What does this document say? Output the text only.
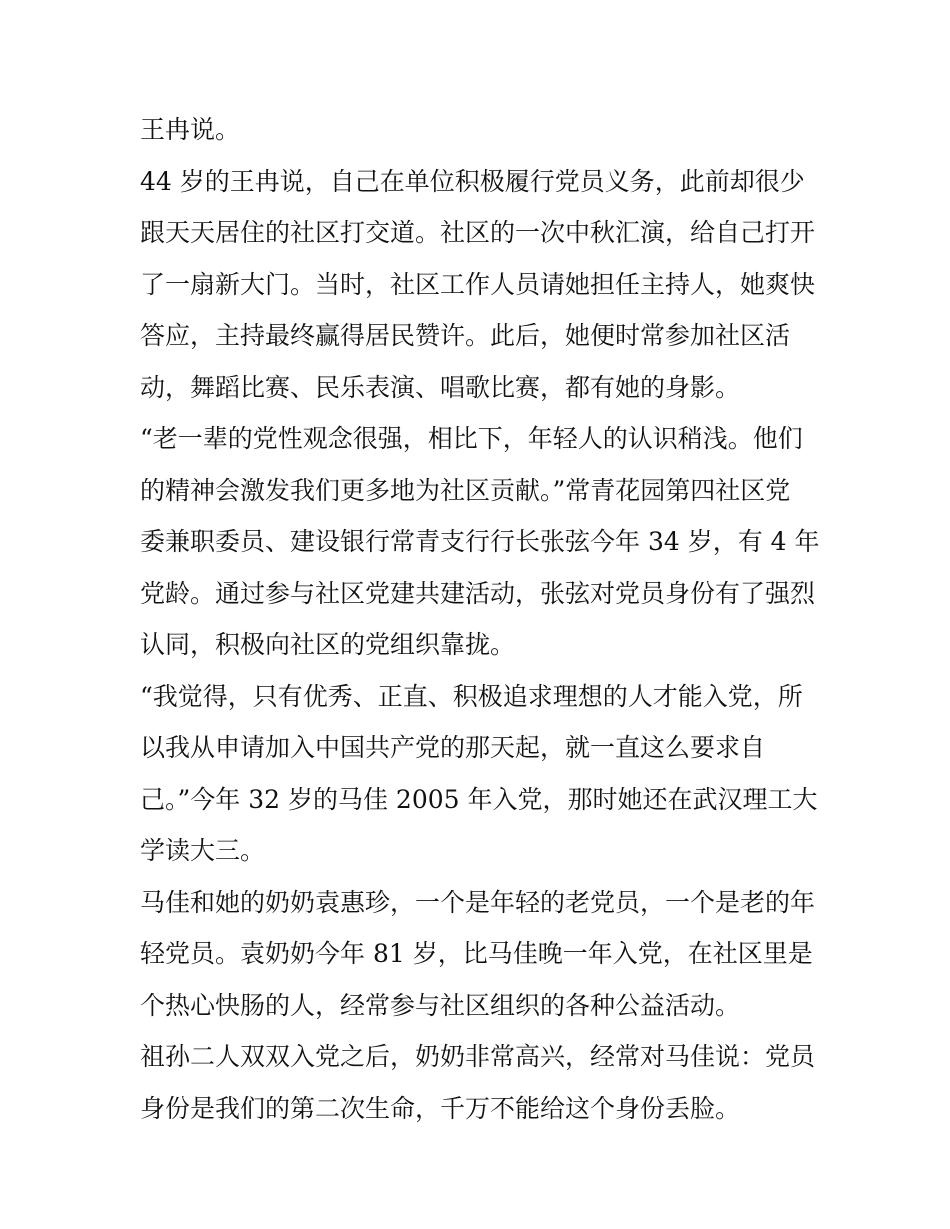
王冉说。
44 岁的王冉说，自己在单位积极履行党员义务，此前却很少
跟天天居住的社区打交道。社区的一次中秋汇演，给自己打开
了一扇新大门。当时，社区工作人员请她担任主持人，她爽快
答应，主持最终赢得居民赞许。此后，她便时常参加社区活
动，舞蹈比赛、民乐表演、唱歌比赛，都有她的身影。
“老一辈的党性观念很强，相比下，年轻人的认识稍浅。他们
的精神会激发我们更多地为社区贡献。”常青花园第四社区党
委兼职委员、建设银行常青支行行长张弦今年 34 岁，有 4 年
党龄。通过参与社区党建共建活动，张弦对党员身份有了强烈
认同，积极向社区的党组织靠拢。
“我觉得，只有优秀、正直、积极追求理想的人才能入党，所
以我从申请加入中国共产党的那天起，就一直这么要求自
己。”今年 32 岁的马佳 2005 年入党，那时她还在武汉理工大
学读大三。
马佳和她的奶奶袁惠珍，一个是年轻的老党员，一个是老的年
轻党员。袁奶奶今年 81 岁，比马佳晚一年入党，在社区里是
个热心快肠的人，经常参与社区组织的各种公益活动。
祖孙二人双双入党之后，奶奶非常高兴，经常对马佳说：党员
身份是我们的第二次生命，千万不能给这个身份丢脸。
